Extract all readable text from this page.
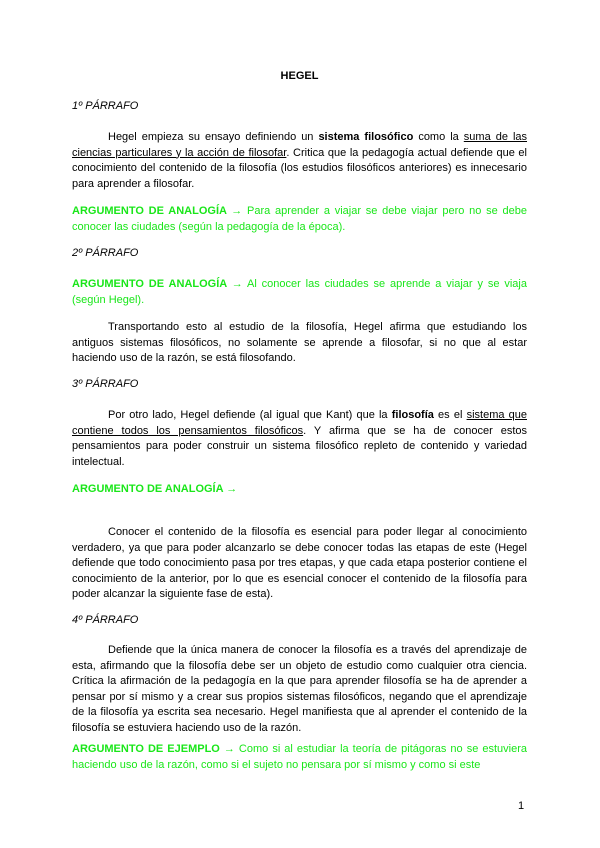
HEGEL
1º PÁRRAFO
Hegel empieza su ensayo definiendo un sistema filosófico como la suma de las ciencias particulares y la acción de filosofar. Critica que la pedagogía actual defiende que el conocimiento del contenido de la filosofía (los estudios filosóficos anteriores) es innecesario para aprender a filosofar.
ARGUMENTO DE ANALOGÍA → Para aprender a viajar se debe viajar pero no se debe conocer las ciudades (según la pedagogía de la época).
2º PÁRRAFO
ARGUMENTO DE ANALOGÍA → Al conocer las ciudades se aprende a viajar y se viaja (según Hegel).
Transportando esto al estudio de la filosofía, Hegel afirma que estudiando los antiguos sistemas filosóficos, no solamente se aprende a filosofar, si no que al estar haciendo uso de la razón, se está filosofando.
3º PÁRRAFO
Por otro lado, Hegel defiende (al igual que Kant) que la filosofía es el sistema que contiene todos los pensamientos filosóficos. Y afirma que se ha de conocer estos pensamientos para poder construir un sistema filosófico repleto de contenido y variedad intelectual.
ARGUMENTO DE ANALOGÍA →
Conocer el contenido de la filosofía es esencial para poder llegar al conocimiento verdadero, ya que para poder alcanzarlo se debe conocer todas las etapas de este (Hegel defiende que todo conocimiento pasa por tres etapas, y que cada etapa posterior contiene el conocimiento de la anterior, por lo que es esencial conocer el contenido de la filosofía para poder alcanzar la siguiente fase de esta).
4º PÁRRAFO
Defiende que la única manera de conocer la filosofía es a través del aprendizaje de esta, afirmando que la filosofía debe ser un objeto de estudio como cualquier otra ciencia. Crítica la afirmación de la pedagogía en la que para aprender filosofía se ha de aprender a pensar por sí mismo y a crear sus propios sistemas filosóficos, negando que el aprendizaje de la filosofía ya escrita sea necesario. Hegel manifiesta que al aprender el contenido de la filosofía se estuviera haciendo uso de la razón.
ARGUMENTO DE EJEMPLO → Como si al estudiar la teoría de pitágoras no se estuviera haciendo uso de la razón, como si el sujeto no pensara por sí mismo y como si este
1
